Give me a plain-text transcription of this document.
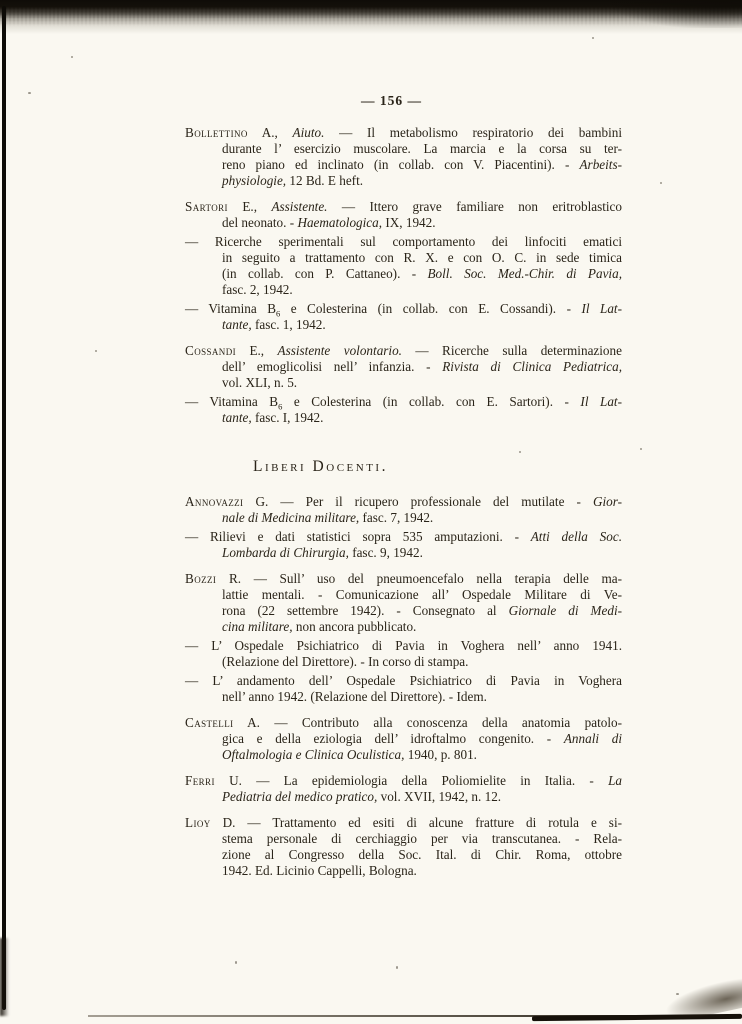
— 156 —
Bollettino A., Aiuto. — Il metabolismo respiratorio dei bambini
durante l’ esercizio muscolare. La marcia e la corsa su ter-
reno piano ed inclinato (in collab. con V. Piacentini). - Arbeits-
physiologie, 12 Bd. E heft.
Sartori E., Assistente. — Ittero grave familiare non eritroblastico
del neonato. - Haematologica, IX, 1942.
— Ricerche sperimentali sul comportamento dei linfociti ematici
in seguito a trattamento con R. X. e con O. C. in sede timica
(in collab. con P. Cattaneo). - Boll. Soc. Med.-Chir. di Pavia,
fasc. 2, 1942.
— Vitamina $B_6$ e Colesterina (in collab. con E. Cossandi). - Il Lat-
tante, fasc. 1, 1942.
Cossandi E., Assistente volontario. — Ricerche sulla determinazione
dell’ emoglicolisi nell’ infanzia. - Rivista di Clinica Pediatrica,
vol. XLI, n. 5.
— Vitamina $B_6$ e Colesterina (in collab. con E. Sartori). - Il Lat-
tante, fasc. I, 1942.
Liberi Docenti.
Annovazzi G. — Per il ricupero professionale del mutilate - Gior-
nale di Medicina militare, fasc. 7, 1942.
— Rilievi e dati statistici sopra 535 amputazioni. - Atti della Soc.
Lombarda di Chirurgia, fasc. 9, 1942.
Bozzi R. — Sull’ uso del pneumoencefalo nella terapia delle ma-
lattie mentali. - Comunicazione all’ Ospedale Militare di Ve-
rona (22 settembre 1942). - Consegnato al Giornale di Medi-
cina militare, non ancora pubblicato.
— L’ Ospedale Psichiatrico di Pavia in Voghera nell’ anno 1941.
(Relazione del Direttore). - In corso di stampa.
— L’ andamento dell’ Ospedale Psichiatrico di Pavia in Voghera
nell’ anno 1942. (Relazione del Direttore). - Idem.
Castelli A. — Contributo alla conoscenza della anatomia patolo-
gica e della eziologia dell’ idroftalmo congenito. - Annali di
Oftalmologia e Clinica Oculistica, 1940, p. 801.
Ferri U. — La epidemiologia della Poliomielite in Italia. - La
Pediatria del medico pratico, vol. XVII, 1942, n. 12.
Lioy D. — Trattamento ed esiti di alcune fratture di rotula e si-
stema personale di cerchiaggio per via transcutanea. - Rela-
zione al Congresso della Soc. Ital. di Chir. Roma, ottobre
1942. Ed. Licinio Cappelli, Bologna.
